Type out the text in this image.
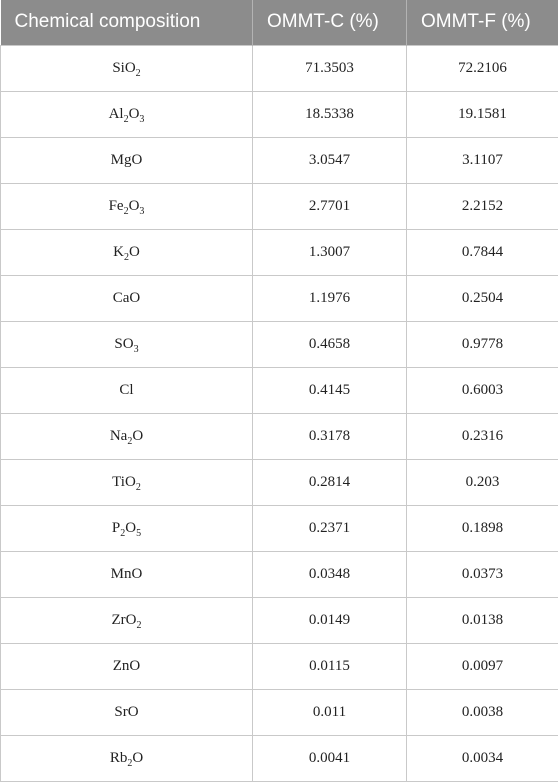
Chemical composition	OMMT-C (%)	OMMT-F (%)
SiO$_2$	71.3503	72.2106
$Al_2O_3$	18.5338	19.1581
MgO	3.0547	3.1107
$Fe_2O_3$	2.7701	2.2152
$K_2O$	1.3007	0.7844
CaO	1.1976	0.2504
$SO_3$	0.4658	0.9778
Cl	0.4145	0.6003
$Na_2O$	0.3178	0.2316
TiO$_2$	0.2814	0.203
$P_2O_5$	0.2371	0.1898
MnO	0.0348	0.0373
ZrO$_2$	0.0149	0.0138
ZnO	0.0115	0.0097
SrO	0.011	0.0038
$Rb_2O$	0.0041	0.0034
